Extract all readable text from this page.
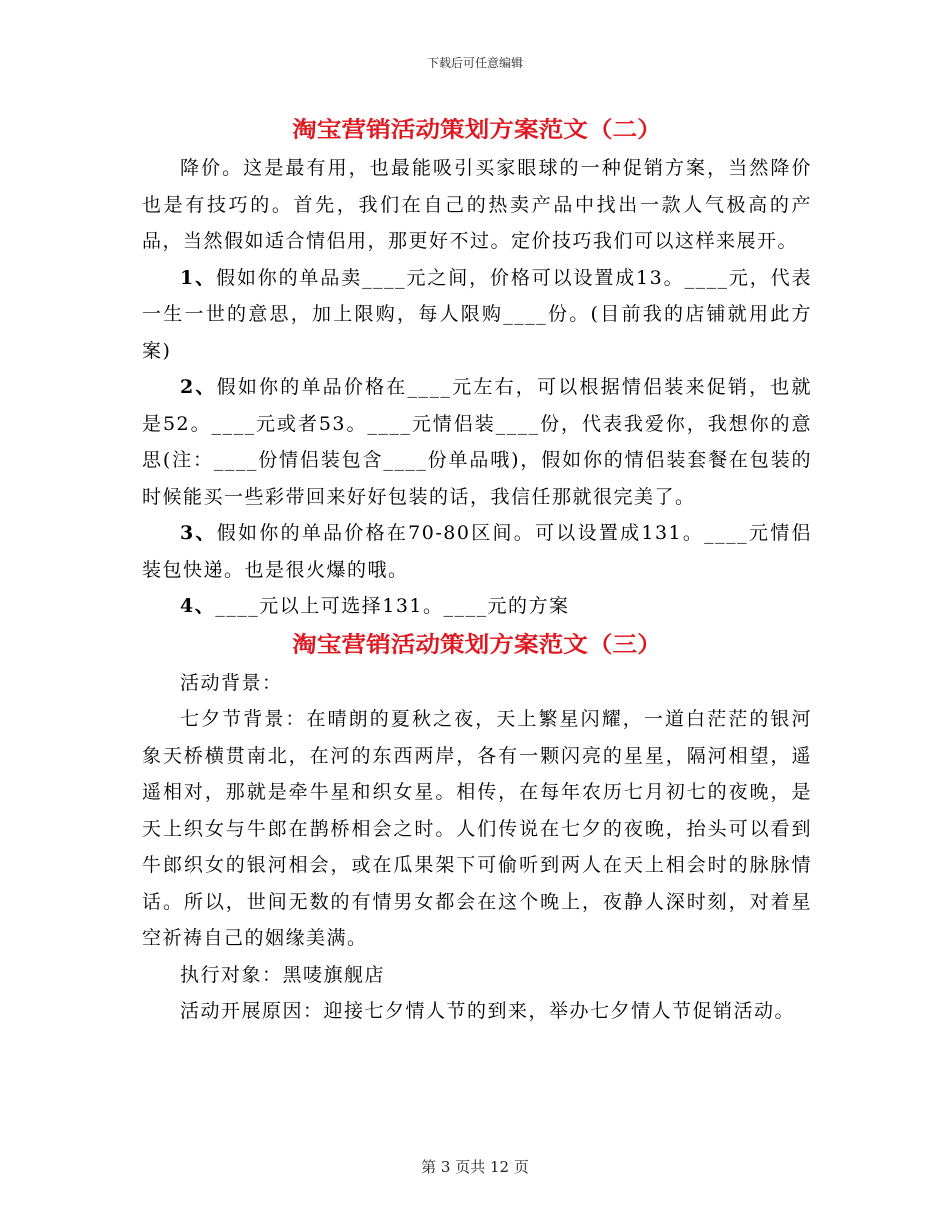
下载后可任意编辑
淘宝营销活动策划方案范文（二）

降价。这是最有用，也最能吸引买家眼球的一种促销方案，当然降价也是有技巧的。首先，我们在自己的热卖产品中找出一款人气极高的产品，当然假如适合情侣用，那更好不过。定价技巧我们可以这样来展开。

1、假如你的单品卖____元之间，价格可以设置成13。____元，代表一生一世的意思，加上限购，每人限购____份。(目前我的店铺就用此方案)

2、假如你的单品价格在____元左右，可以根据情侣装来促销，也就是52。____元或者53。____元情侣装____份，代表我爱你，我想你的意思(注：____份情侣装包含____份单品哦)，假如你的情侣装套餐在包装的时候能买一些彩带回来好好包装的话，我信任那就很完美了。

3、假如你的单品价格在70-80区间。可以设置成131。____元情侣装包快递。也是很火爆的哦。

4、____元以上可选择131。____元的方案

淘宝营销活动策划方案范文（三）

活动背景：

七夕节背景：在晴朗的夏秋之夜，天上繁星闪耀，一道白茫茫的银河象天桥横贯南北，在河的东西两岸，各有一颗闪亮的星星，隔河相望，遥遥相对，那就是牵牛星和织女星。相传，在每年农历七月初七的夜晚，是天上织女与牛郎在鹊桥相会之时。人们传说在七夕的夜晚，抬头可以看到牛郎织女的银河相会，或在瓜果架下可偷听到两人在天上相会时的脉脉情话。所以，世间无数的有情男女都会在这个晚上，夜静人深时刻，对着星空祈祷自己的姻缘美满。

执行对象：黑唛旗舰店

活动开展原因：迎接七夕情人节的到来，举办七夕情人节促销活动。

第 3 页共 12 页
